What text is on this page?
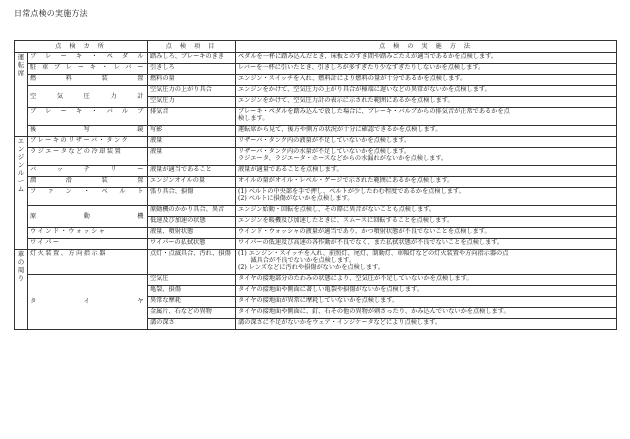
日常点検の実施方法
点 検 カ 所		点 検 項 目	点 検 の 実 施 方 法

運転席	ブレーキ・ペダル	踏みしろ、ブレーキのきき	ペダルを一杯に踏み込んだとき、床板とのすき間や踏みごたえが適当であるかを点検します。

	駐車ブレーキ・レバー	引きしろ	レバーを一杯に引いたとき、引きしろが多すぎたり少なすぎたりしないかを点検します。

	燃料装置	燃料の量	エンジン・スイッチを入れ、燃料計により燃料の量が十分であるかを点検します。

	空気圧力計	空気圧力の上がり具合	エンジンをかけて、空気圧力の上がり具合が極端に遅いなどの異常がないかを点検します。

		空気圧力	エンジンをかけて、空気圧力計の表示に示された範囲にあるかを点検します。

	ブレーキ・バルブ	排気音	ブレーキ・ペダルを踏み込んで放した場合に、ブレーキ・バルブからの排気音が正常であるかを点
検します。

	後写鏡	写影	運転席から見て、後方や側方の状況が十分に確認できるかを点検します。

エンジンルーム	ブレーキのリザーバ・タンク	液量	リザーバ・タンク内の液量が不足していないかを点検します。

	ラジエータなどの冷却装置	液量	リザーバ・タンク内の水量が不足していないかを点検します。
ラジエータ、ラジエータ・ホースなどからの水漏れがないかを点検します。

	バッテリー	液量が適当であること	液量が適量であることを点検します。

	潤滑装置	エンジンオイルの量	オイルの量がオイル・レベル・ゲージで示された範囲にあるかを点検します。

	ファン・ベルト	張り具合、損傷	(1) ベルトの中央部を手で押し、ベルトが少したわむ程度であるかを点検します。
(2) ベルトに損傷がないかを点検します。

	原動機	原動機のかかり具合、異音	エンジン始動・回転を点検し、その際に異音がないことも点検します。

		低速及び加速の状態	エンジンを暖機及び加速したときに、スムースに回転することを点検します。

	ウインド・ウォッシャ	液量、噴射状態	ウインド・ウォッシャの液量が適当であり、かつ噴射状態が不良でないことを点検します。

	ワイパー	ワイパーの払拭状態	ワイパーの低速及び高速の各作動が不良でなく、また払拭状態が不良でないことを点検します。

車の周り	灯火装置、方向指示器	点灯・点滅具合、汚れ、損傷	(1) エンジン・スイッチを入れ、前照灯、尾灯、制動灯、車幅灯などの灯火装置や方向指示器の点
　　滅具合が不良でないかを点検します。
(2) レンズなどに汚れや損傷がないかを点検します。

	タイヤ	空気圧	タイヤの接地部分のたわみの状態により、空気圧が不足していないかを点検します。

		亀裂、損傷	タイヤの接地面や側面に著しい亀裂や損傷がないかを点検します。

		異常な摩耗	タイヤの接地面が異常に摩耗していないかを点検します。

		金属片、石などの異物	タイヤの接地面や側面に、釘、石その他の異物が刺さったり、かみ込んでいないかを点検します。

		溝の深さ	溝の深さに不足がないかをウェア・インジケータなどにより点検します。
